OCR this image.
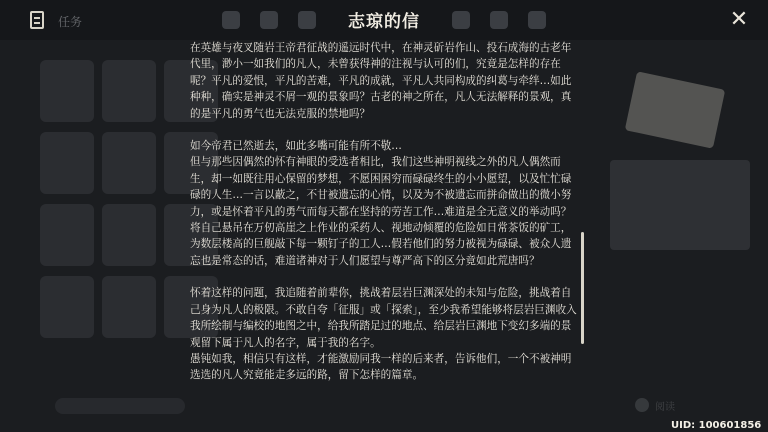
任务	志琼的信	✕

在英雄与夜叉随岩王帝君征战的遥远时代中，在神灵斫岩作山、投石成海的古老年代里，渺小一如我们的凡人，未曾获得神的注视与认可的们，究竟是怎样的存在呢？平凡的爱恨，平凡的苦难，平凡的成就，平凡人共同构成的纠葛与牵绊…如此种种，确实是神灵不屑一观的景象吗？古老的神之所在，凡人无法解释的景观，真的是平凡的勇气也无法克服的禁地吗？

如今帝君已然逝去，如此多嘴可能有所不敬…

但与那些因偶然的怀有神眼的受选者相比，我们这些神明视线之外的凡人偶然而生，却一如既往用心保留的梦想，不愿困困穷而碌碌终生的小小愿望，以及忙忙碌碌的人生…一言以蔽之，不甘被遗忘的心情，以及为不被遗忘而拼命做出的微小努力，或是怀着平凡的勇气而每天都在坚持的劳苦工作…难道是全无意义的举动吗？

将自己悬吊在万仞高崖之上作业的采药人、视地动倾覆的危险如日常茶饭的矿工，为数层楼高的巨舰敲下每一颗钉子的工人…假若他们的努力被视为碌碌、被众人遗忘也是常态的话，难道诸神对于人们愿望与尊严高下的区分竟如此荒唐吗？

怀着这样的问题，我追随着前辈你，挑战着层岩巨渊深处的未知与危险，挑战着自己身为凡人的极限。不敢自夸「征服」或「探索」，至少我希望能够将层岩巨渊收入我所绘制与编校的地图之中，给我所踏足过的地点、给层岩巨渊地下变幻多端的景观留下属于凡人的名字，属于我的名字。

愚钝如我，相信只有这样，才能激励同我一样的后来者，告诉他们，一个不被神明选选的凡人究竟能走多远的路，留下怎样的篇章。

阅读
UID: 100601856
